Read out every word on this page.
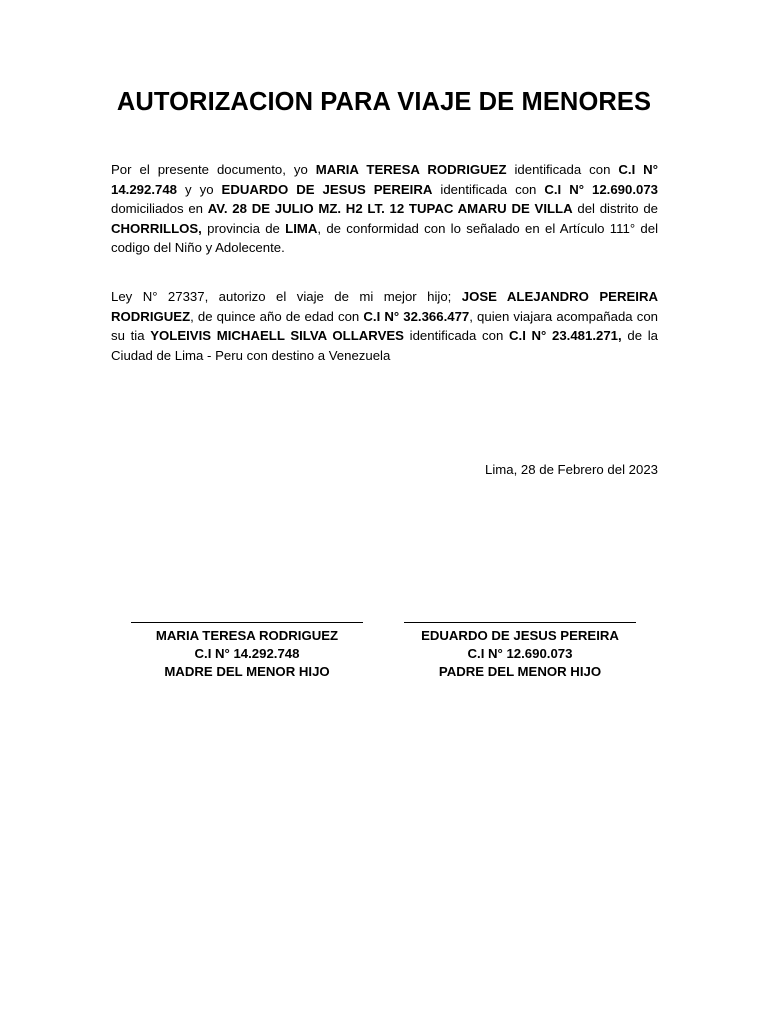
AUTORIZACION PARA VIAJE DE MENORES

Por el presente documento, yo MARIA TERESA RODRIGUEZ identificada con C.I N° 14.292.748 y yo EDUARDO DE JESUS PEREIRA identificada con C.I N° 12.690.073 domiciliados en AV. 28 DE JULIO MZ. H2 LT. 12 TUPAC AMARU DE VILLA del distrito de CHORRILLOS, provincia de LIMA, de conformidad con lo señalado en el Artículo 111° del codigo del Niño y Adolecente.

Ley N° 27337, autorizo el viaje de mi mejor hijo; JOSE ALEJANDRO PEREIRA RODRIGUEZ, de quince año de edad con C.I N° 32.366.477, quien viajara acompañada con su tia YOLEIVIS MICHAELL SILVA OLLARVES identificada con C.I N° 23.481.271, de la Ciudad de Lima - Peru con destino a Venezuela

Lima, 28 de Febrero del 2023

MARIA TERESA RODRIGUEZ
C.I N° 14.292.748
MADRE DEL MENOR HIJO
EDUARDO DE JESUS PEREIRA
C.I N° 12.690.073
PADRE DEL MENOR HIJO
